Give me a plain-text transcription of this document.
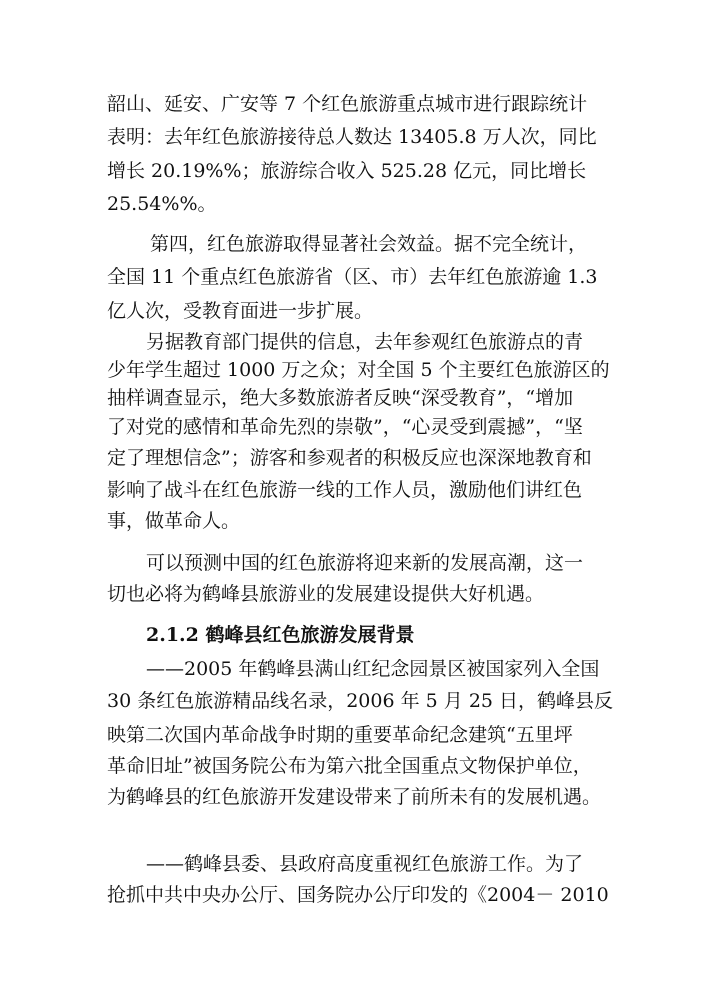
韶山、延安、广安等 7 个红色旅游重点城市进行跟踪统计

表明：去年红色旅游接待总人数达 13405.8 万人次，同比

增长 20.19%%；旅游综合收入 525.28 亿元，同比增长

25.54%%。

第四，红色旅游取得显著社会效益。据不完全统计，

全国 11 个重点红色旅游省（区、市）去年红色旅游逾 1.3

亿人次，受教育面进一步扩展。

另据教育部门提供的信息，去年参观红色旅游点的青

少年学生超过 1000 万之众；对全国 5 个主要红色旅游区的

抽样调查显示，绝大多数旅游者反映“深受教育”，“增加

了对党的感情和革命先烈的崇敬”，“心灵受到震撼”，“坚

定了理想信念”；游客和参观者的积极反应也深深地教育和

影响了战斗在红色旅游一线的工作人员，激励他们讲红色

事，做革命人。

可以预测中国的红色旅游将迎来新的发展高潮，这一

切也必将为鹤峰县旅游业的发展建设提供大好机遇。

2.1.2 鹤峰县红色旅游发展背景

——2005 年鹤峰县满山红纪念园景区被国家列入全国

30 条红色旅游精品线名录，2006 年 5 月 25 日，鹤峰县反

映第二次国内革命战争时期的重要革命纪念建筑“五里坪

革命旧址”被国务院公布为第六批全国重点文物保护单位，

为鹤峰县的红色旅游开发建设带来了前所未有的发展机遇。

——鹤峰县委、县政府高度重视红色旅游工作。为了

抢抓中共中央办公厅、国务院办公厅印发的《2004－ 2010
